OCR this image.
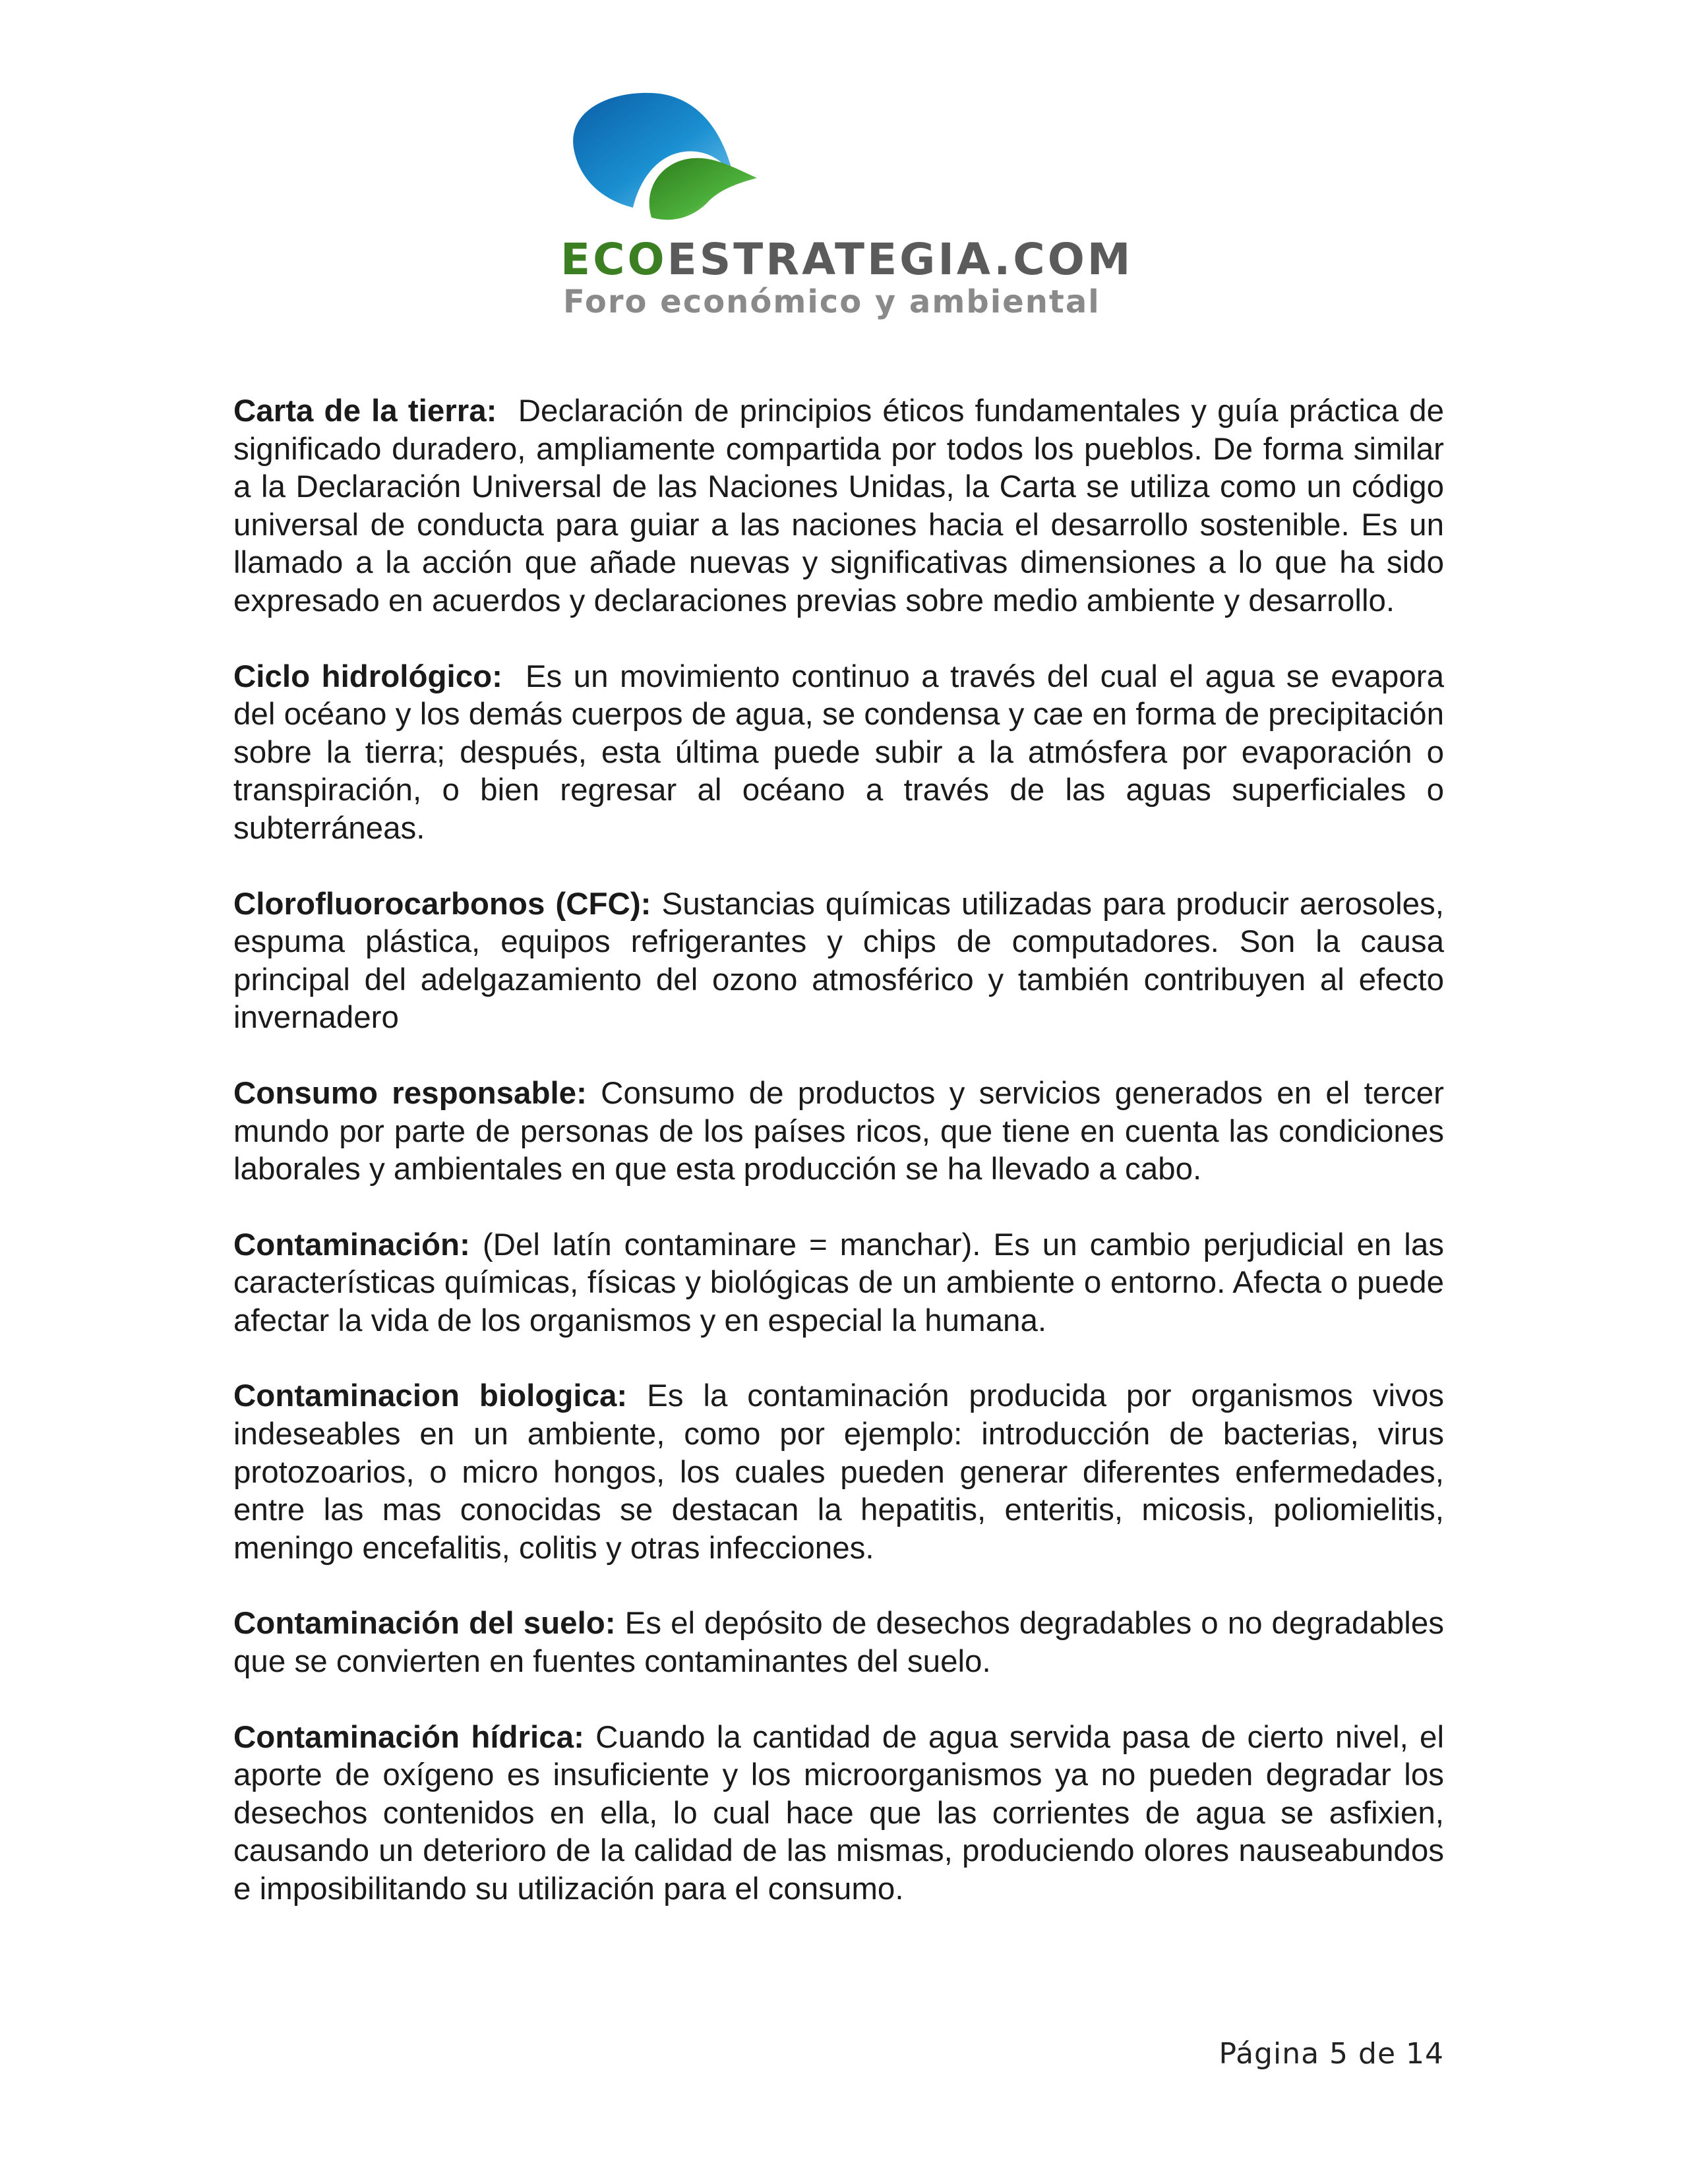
ECOESTRATEGIA.COM
Foro económico y ambiental

Carta de la tierra: Declaración de principios éticos fundamentales y guía práctica de significado duradero, ampliamente compartida por todos los pueblos. De forma similar a la Declaración Universal de las Naciones Unidas, la Carta se utiliza como un código universal de conducta para guiar a las naciones hacia el desarrollo sostenible. Es un llamado a la acción que añade nuevas y significativas dimensiones a lo que ha sido expresado en acuerdos y declaraciones previas sobre medio ambiente y desarrollo.

Ciclo hidrológico: Es un movimiento continuo a través del cual el agua se evapora del océano y los demás cuerpos de agua, se condensa y cae en forma de precipitación sobre la tierra; después, esta última puede subir a la atmósfera por evaporación o transpiración, o bien regresar al océano a través de las aguas superficiales o subterráneas.

Clorofluorocarbonos (CFC): Sustancias químicas utilizadas para producir aerosoles, espuma plástica, equipos refrigerantes y chips de computadores. Son la causa principal del adelgazamiento del ozono atmosférico y también contribuyen al efecto invernadero

Consumo responsable: Consumo de productos y servicios generados en el tercer mundo por parte de personas de los países ricos, que tiene en cuenta las condiciones laborales y ambientales en que esta producción se ha llevado a cabo.

Contaminación: (Del latín contaminare = manchar). Es un cambio perjudicial en las características químicas, físicas y biológicas de un ambiente o entorno. Afecta o puede afectar la vida de los organismos y en especial la humana.

Contaminacion biologica: Es la contaminación producida por organismos vivos indeseables en un ambiente, como por ejemplo: introducción de bacterias, virus protozoarios, o micro hongos, los cuales pueden generar diferentes enfermedades, entre las mas conocidas se destacan la hepatitis, enteritis, micosis, poliomielitis, meningo encefalitis, colitis y otras infecciones.

Contaminación del suelo: Es el depósito de desechos degradables o no degradables que se convierten en fuentes contaminantes del suelo.

Contaminación hídrica: Cuando la cantidad de agua servida pasa de cierto nivel, el aporte de oxígeno es insuficiente y los microorganismos ya no pueden degradar los desechos contenidos en ella, lo cual hace que las corrientes de agua se asfixien, causando un deterioro de la calidad de las mismas, produciendo olores nauseabundos e imposibilitando su utilización para el consumo.

Página 5 de 14
